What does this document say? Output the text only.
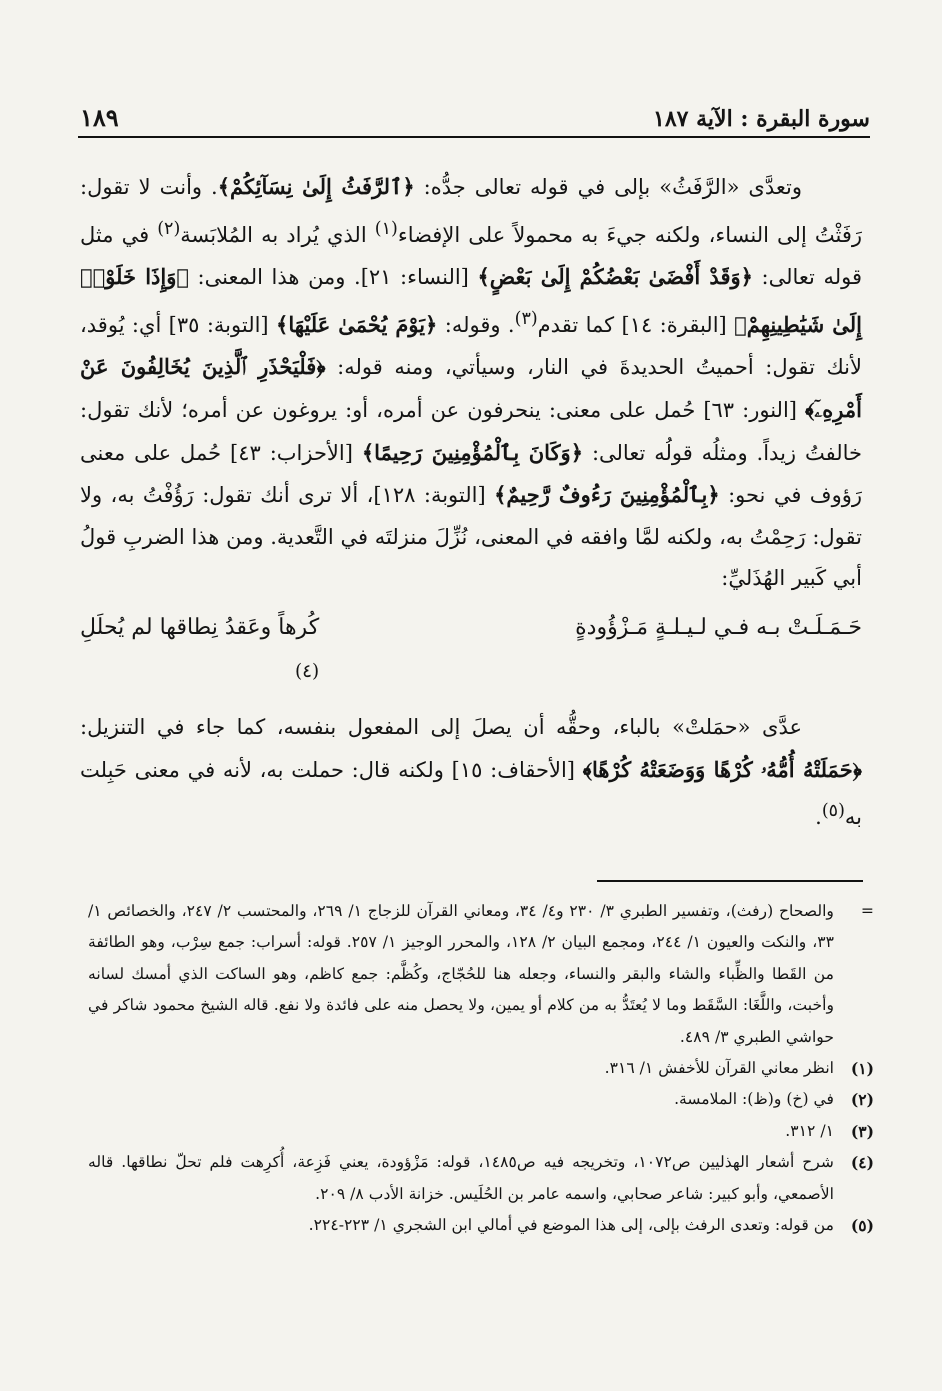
سورة البقرة : الآية ١٨٧
١٨٩

وتعدَّى «الرَّفَثُ» بإلى في قوله تعالى جدُّه: ﴿ٱلرَّفَثُ إِلَىٰ نِسَآئِكُمْ﴾. وأنت لا تقول: رَفَثْتُ إلى النساء، ولكنه جيءَ به محمولاً على الإفضاء$^{(١)}$ الذي يُراد به المُلابَسة$^{(٢)}$ في مثل قوله تعالى: ﴿وَقَدْ أَفْضَىٰ بَعْضُكُمْ إِلَىٰ بَعْضٍ﴾ [النساء: ٢١]. ومن هذا المعنى: ﴿وَإِذَا خَلَوْا۟ إِلَىٰ شَيَٰطِينِهِمْ﴾ [البقرة: ١٤] كما تقدم$^{(٣)}$. وقوله: ﴿يَوْمَ يُحْمَىٰ عَلَيْهَا﴾ [التوبة: ٣٥] أي: يُوقد، لأنك تقول: أحميتُ الحديدةَ في النار، وسيأتي، ومنه قوله: ﴿فَلْيَحْذَرِ ٱلَّذِينَ يُخَالِفُونَ عَنْ أَمْرِهِۦٓ﴾ [النور: ٦٣] حُمل على معنى: ينحرفون عن أمره، أو: يروغون عن أمره؛ لأنك تقول: خالفتُ زيداً. ومثلُه قولُه تعالى: ﴿وَكَانَ بِٱلْمُؤْمِنِينَ رَحِيمًا﴾ [الأحزاب: ٤٣] حُمل على معنى رَؤوف في نحو: ﴿بِٱلْمُؤْمِنِينَ رَءُوفٌ رَّحِيمٌ﴾ [التوبة: ١٢٨]، ألا ترى أنك تقول: رَؤُفْتُ به، ولا تقول: رَحِمْتُ به، ولكنه لمَّا وافقه في المعنى، نُزِّلَ منزلتَه في التَّعدية. ومن هذا الضربِ قولُ أبي كَبير الهُذَليِّ:

حَـمَـلَـتْ بـه فـي لـيـلـةٍ مَـزْؤُودةٍ
كُرهاً وعَقدُ نِطاقها لم يُحلَلِ
$^{(٤)}$

عدَّى «حمَلتْ» بالباء، وحقُّه أن يصلَ إلى المفعول بنفسه، كما جاء في التنزيل: ﴿حَمَلَتْهُ أُمُّهُۥ كُرْهًا وَوَضَعَتْهُ كُرْهًا﴾ [الأحقاف: ١٥] ولكنه قال: حملت به، لأنه في معنى حَبِلت به$^{(٥)}$.

=
والصحاح (رفث)، وتفسير الطبري ٣/ ٢٣٠ و٤/ ٣٤، ومعاني القرآن للزجاج ١/ ٢٦٩، والمحتسب ٢/ ٢٤٧، والخصائص ١/ ٣٣، والنكت والعيون ١/ ٢٤٤، ومجمع البيان ٢/ ١٢٨، والمحرر الوجيز ١/ ٢٥٧. قوله: أسراب: جمع سِرْب، وهو الطائفة من القَطا والظِّباء والشاء والبقر والنساء، وجعله هنا للحُجّاج، وكُظَّم: جمع كاظم، وهو الساكت الذي أمسك لسانه وأخبت، واللَّغَا: السَّقَط وما لا يُعتَدُّ به من كلام أو يمين، ولا يحصل منه على فائدة ولا نفع. قاله الشيخ محمود شاكر في حواشي الطبري ٣/ ٤٨٩.
(١)
انظر معاني القرآن للأخفش ١/ ٣١٦.
(٢)
في (خ) و(ظ): الملامسة.
(٣)
١/ ٣١٢.
(٤)
شرح أشعار الهذليين ص١٠٧٢، وتخريجه فيه ص١٤٨٥، قوله: مَزْؤودة، يعني فَزِعة، أُكرِهت فلم تحلّ نطاقها. قاله الأصمعي، وأبو كبير: شاعر صحابي، واسمه عامر بن الحُلَيس. خزانة الأدب ٨/ ٢٠٩.
(٥)
من قوله: وتعدى الرفث بإلى، إلى هذا الموضع في أمالي ابن الشجري ١/ ٢٢٣-٢٢٤.
